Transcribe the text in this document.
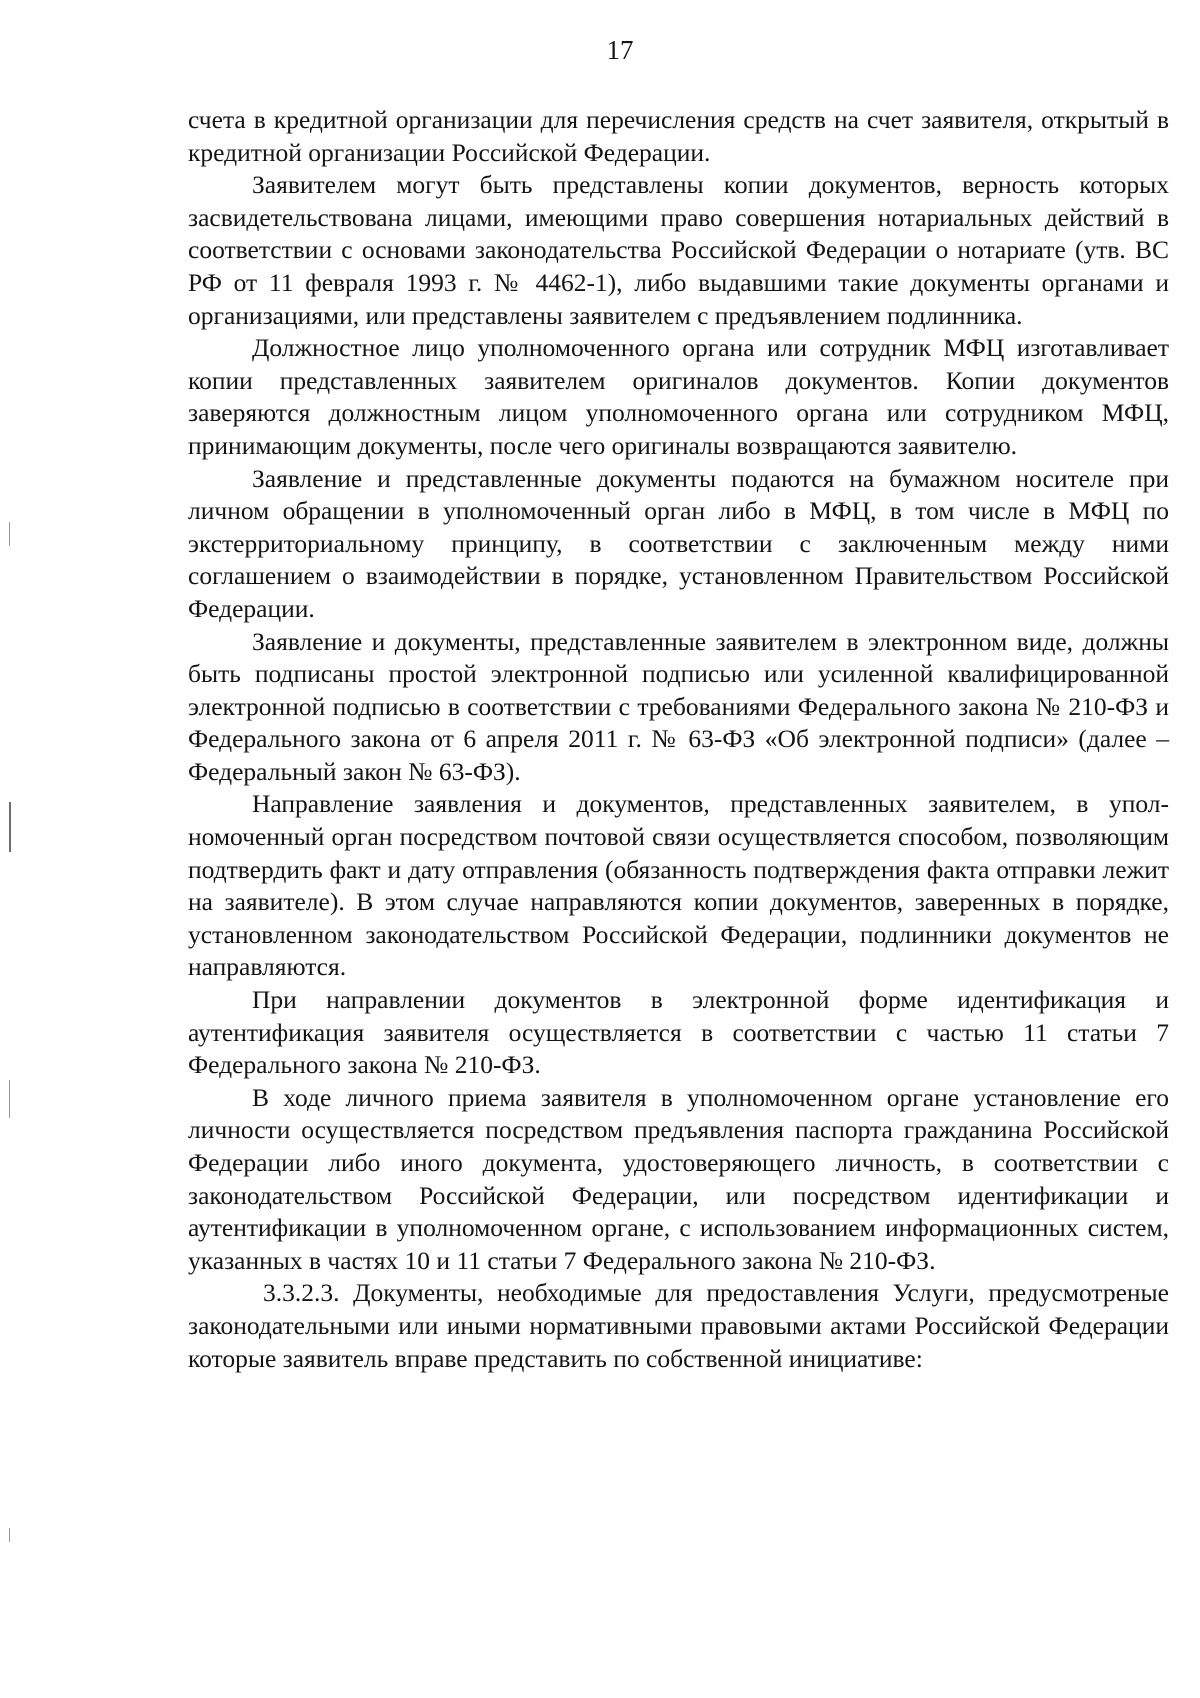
17

счета в кредитной организации для перечисления средств на счет заявителя, открытый в кредитной организации Российской Федерации.

Заявителем могут быть представлены копии документов, верность которых засвидетельствована лицами, имеющими право совершения нотариальных действий в соответствии с основами законодательства Российской Федерации о нотариате (утв. ВС РФ от 11 февраля 1993 г. № 4462-1), либо выдавшими такие документы органами и организациями, или представлены заявителем с предъявлением подлинника.

Должностное лицо уполномоченного органа или сотрудник МФЦ изготавливает копии представленных заявителем оригиналов документов. Копии документов заверяются должностным лицом уполномоченного органа или сотрудником МФЦ, принимающим документы, после чего оригиналы возвращаются заявителю.

Заявление и представленные документы подаются на бумажном носителе при личном обращении в уполномоченный орган либо в МФЦ, в том числе в МФЦ по экстерриториальному принципу, в соответствии с заключенным между ними соглашением о взаимодействии в порядке, установленном Правительством Российской Федерации.

Заявление и документы, представленные заявителем в электронном виде, должны быть подписаны простой электронной подписью или усиленной квалифицированной электронной подписью в соответствии с требованиями Федерального закона № 210-ФЗ и Федерального закона от 6 апреля 2011 г. № 63-ФЗ «Об электронной подписи» (далее – Федеральный закон № 63-ФЗ).

Направление заявления и документов, представленных заявителем, в уполномоченный орган посредством почтовой связи осуществляется способом, позволяющим подтвердить факт и дату отправления (обязанность подтверждения факта отправки лежит на заявителе). В этом случае направляются копии документов, заверенных в порядке, установленном законодательством Российской Федерации, подлинники документов не направляются.

При направлении документов в электронной форме идентификация и аутентификация заявителя осуществляется в соответствии с частью 11 статьи 7 Федерального закона № 210-ФЗ.

В ходе личного приема заявителя в уполномоченном органе установление его личности осуществляется посредством предъявления паспорта гражданина Российской Федерации либо иного документа, удостоверяющего личность, в соответствии с законодательством Российской Федерации, или посредством идентификации и аутентификации в уполномоченном органе, с использованием информационных систем, указанных в частях 10 и 11 статьи 7 Федерального закона № 210-ФЗ.

3.3.2.3. Документы, необходимые для предоставления Услуги, предусмотреные законодательными или иными нормативными правовыми актами Российской Федерации которые заявитель вправе представить по собственной инициативе:
